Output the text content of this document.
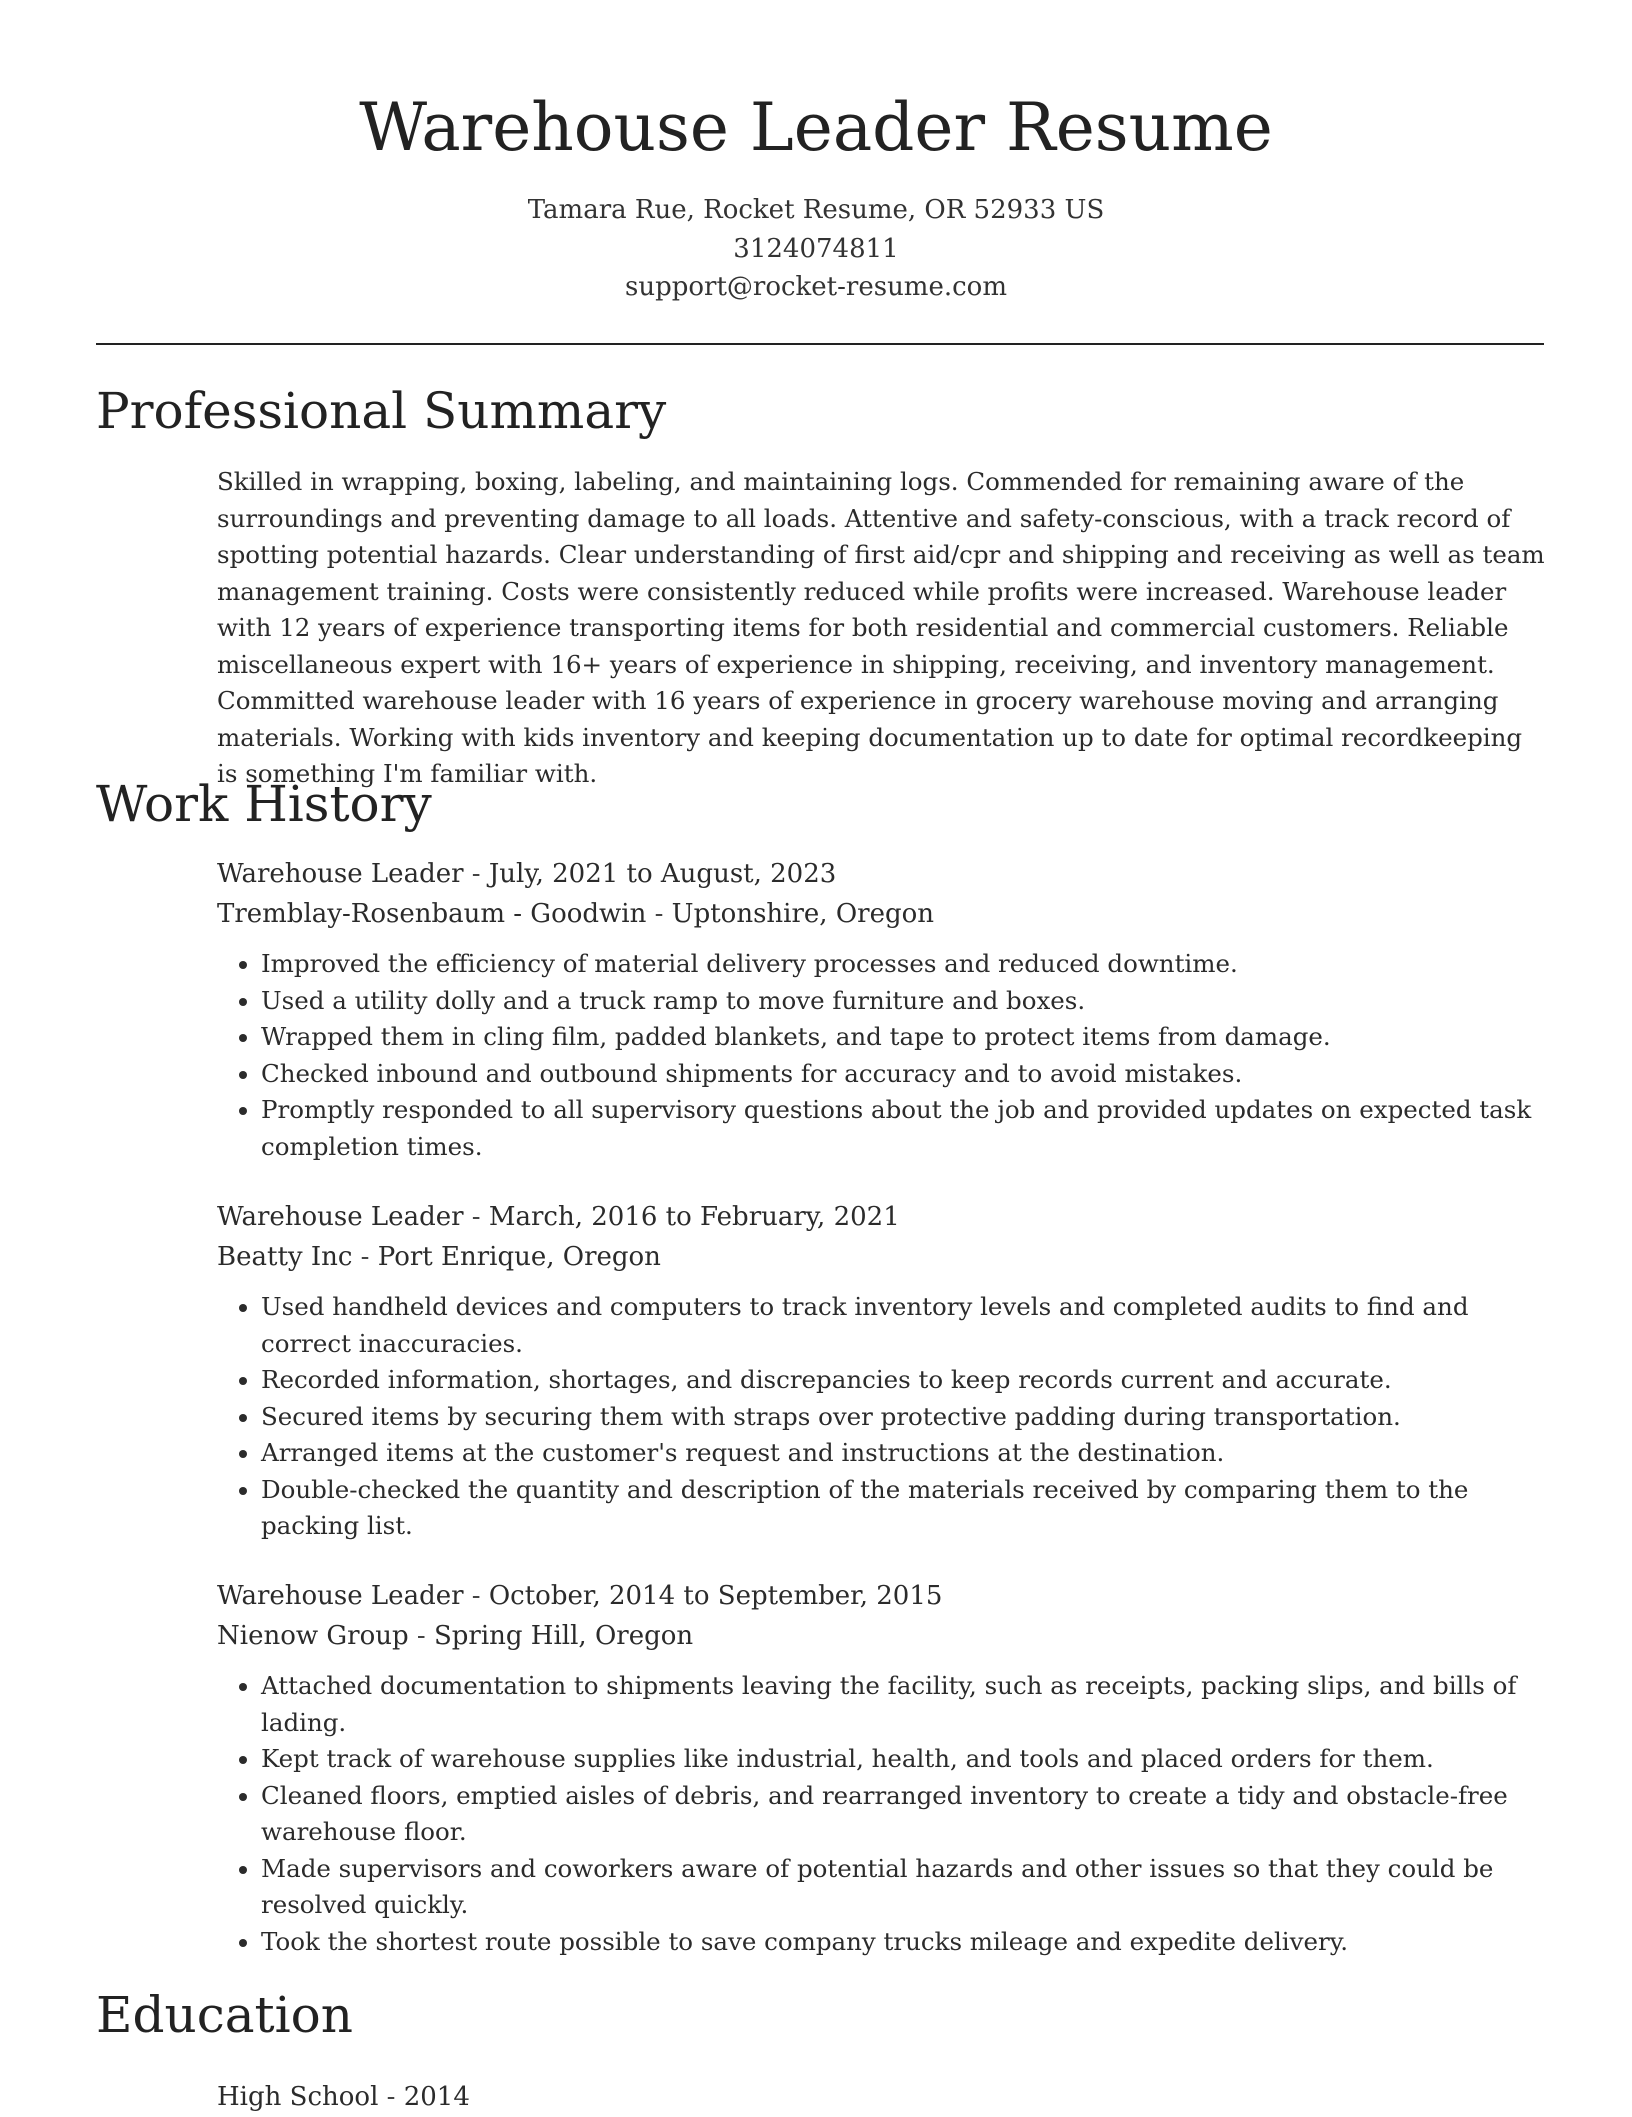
Warehouse Leader Resume
Tamara Rue, Rocket Resume, OR 52933 US
3124074811
support@rocket-resume.com
Professional Summary

Skilled in wrapping, boxing, labeling, and maintaining logs. Commended for remaining aware of the surroundings and preventing damage to all loads. Attentive and safety-conscious, with a track record of spotting potential hazards. Clear understanding of first aid/cpr and shipping and receiving as well as team management training. Costs were consistently reduced while profits were increased. Warehouse leader with 12 years of experience transporting items for both residential and commercial customers. Reliable miscellaneous expert with 16+ years of experience in shipping, receiving, and inventory management. Committed warehouse leader with 16 years of experience in grocery warehouse moving and arranging materials. Working with kids inventory and keeping documentation up to date for optimal recordkeeping is something I'm familiar with.

Work History
Warehouse Leader - July, 2021 to August, 2023
Tremblay-Rosenbaum - Goodwin - Uptonshire, Oregon
• Improved the efficiency of material delivery processes and reduced downtime.
• Used a utility dolly and a truck ramp to move furniture and boxes.
• Wrapped them in cling film, padded blankets, and tape to protect items from damage.
• Checked inbound and outbound shipments for accuracy and to avoid mistakes.
• Promptly responded to all supervisory questions about the job and provided updates on expected task completion times.
Warehouse Leader - March, 2016 to February, 2021
Beatty Inc - Port Enrique, Oregon
• Used handheld devices and computers to track inventory levels and completed audits to find and correct inaccuracies.
• Recorded information, shortages, and discrepancies to keep records current and accurate.
• Secured items by securing them with straps over protective padding during transportation.
• Arranged items at the customer's request and instructions at the destination.
• Double-checked the quantity and description of the materials received by comparing them to the packing list.
Warehouse Leader - October, 2014 to September, 2015
Nienow Group - Spring Hill, Oregon
• Attached documentation to shipments leaving the facility, such as receipts, packing slips, and bills of lading.
• Kept track of warehouse supplies like industrial, health, and tools and placed orders for them.
• Cleaned floors, emptied aisles of debris, and rearranged inventory to create a tidy and obstacle-free warehouse floor.
• Made supervisors and coworkers aware of potential hazards and other issues so that they could be resolved quickly.
• Took the shortest route possible to save company trucks mileage and expedite delivery.
Education
High School - 2014
